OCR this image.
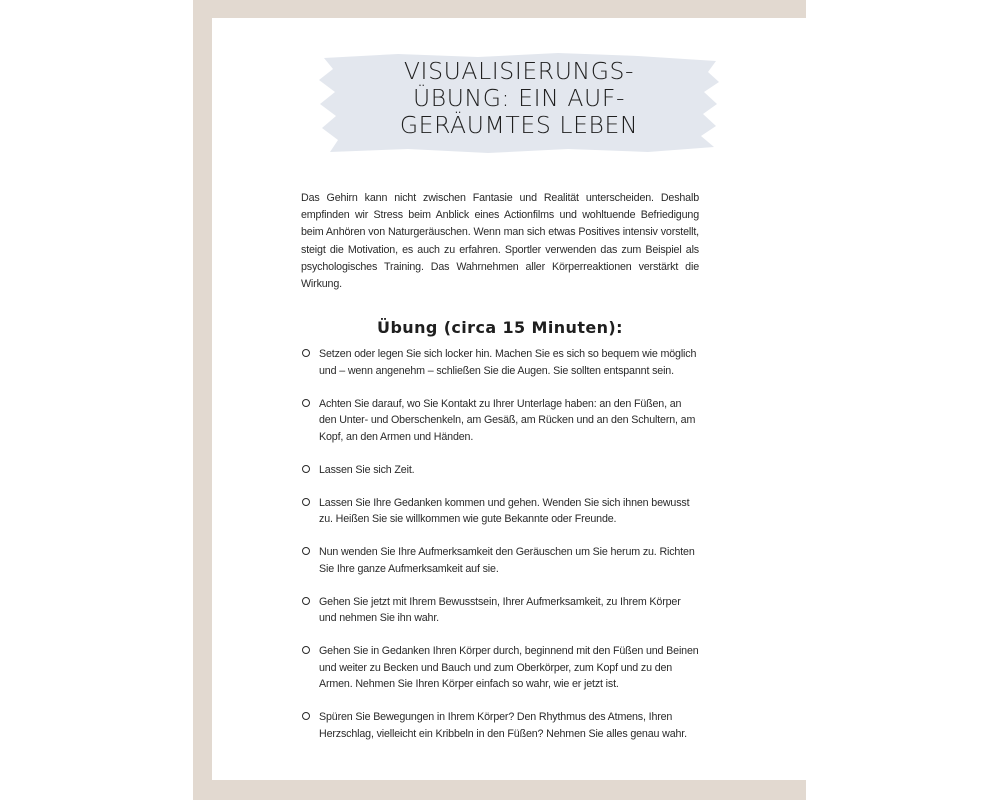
VISUALISIERUNGS-
ÜBUNG: EIN AUF-
GERÄUMTES LEBEN

Das Gehirn kann nicht zwischen Fantasie und Realität unterscheiden. Deshalb empfinden wir Stress beim Anblick eines Actionfilms und wohltuende Befriedigung beim Anhören von Naturgeräuschen. Wenn man sich etwas Positives intensiv vorstellt, steigt die Motivation, es auch zu erfahren. Sportler verwenden das zum Beispiel als psychologisches Training. Das Wahrnehmen aller Körperreaktionen verstärkt die Wirkung.

Übung (circa 15 Minuten):
Setzen oder legen Sie sich locker hin. Machen Sie es sich so bequem wie möglich und – wenn angenehm – schließen Sie die Augen. Sie sollten entspannt sein.
Achten Sie darauf, wo Sie Kontakt zu Ihrer Unterlage haben: an den Füßen, an den Unter- und Oberschenkeln, am Gesäß, am Rücken und an den Schultern, am Kopf, an den Armen und Händen.
Lassen Sie sich Zeit.
Lassen Sie Ihre Gedanken kommen und gehen. Wenden Sie sich ihnen bewusst zu. Heißen Sie sie willkommen wie gute Bekannte oder Freunde.
Nun wenden Sie Ihre Aufmerksamkeit den Geräuschen um Sie herum zu. Richten Sie Ihre ganze Aufmerksamkeit auf sie.
Gehen Sie jetzt mit Ihrem Bewusstsein, Ihrer Aufmerksamkeit, zu Ihrem Körper und nehmen Sie ihn wahr.
Gehen Sie in Gedanken Ihren Körper durch, beginnend mit den Füßen und Beinen und weiter zu Becken und Bauch und zum Oberkörper, zum Kopf und zu den Armen. Nehmen Sie Ihren Körper einfach so wahr, wie er jetzt ist.
Spüren Sie Bewegungen in Ihrem Körper? Den Rhythmus des Atmens, Ihren Herzschlag, vielleicht ein Kribbeln in den Füßen? Nehmen Sie alles genau wahr.
